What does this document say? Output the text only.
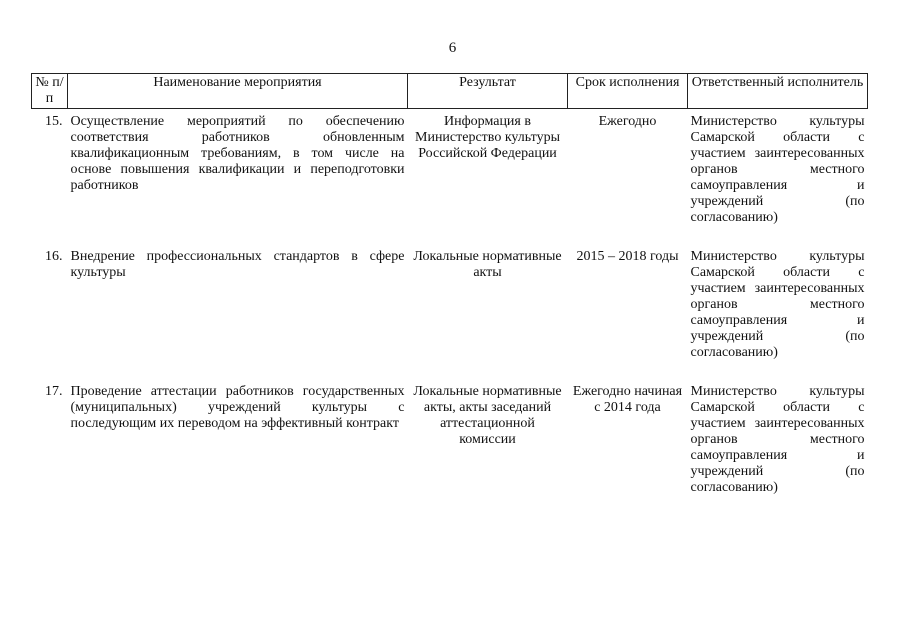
6
№ п/п	Наименование мероприятия	Результат	Срок исполнения	Ответственный исполнитель
15.	Осуществление мероприятий по обеспечению соответствия работников обновленным квалификационным требованиям, в том числе на основе повышения квалификации и переподготовки работников	Информация в Министерство культуры Российской Федерации	Ежегодно	Министерство культуры Самарской области с участием заинтересованных органов местного самоуправления и учреждений (по согласованию)
16.	Внедрение профессиональных стандартов в сфере культуры	Локальные нормативные акты	2015 – 2018 годы	Министерство культуры Самарской области с участием заинтересованных органов местного самоуправления и учреждений (по согласованию)
17.	Проведение аттестации работников государственных (муниципальных) учреждений культуры с последующим их переводом на эффективный контракт	Локальные нормативные акты, акты заседаний аттестационной комиссии	Ежегодно начиная с 2014 года	Министерство культуры Самарской области с участием заинтересованных органов местного самоуправления и учреждений (по согласованию)
